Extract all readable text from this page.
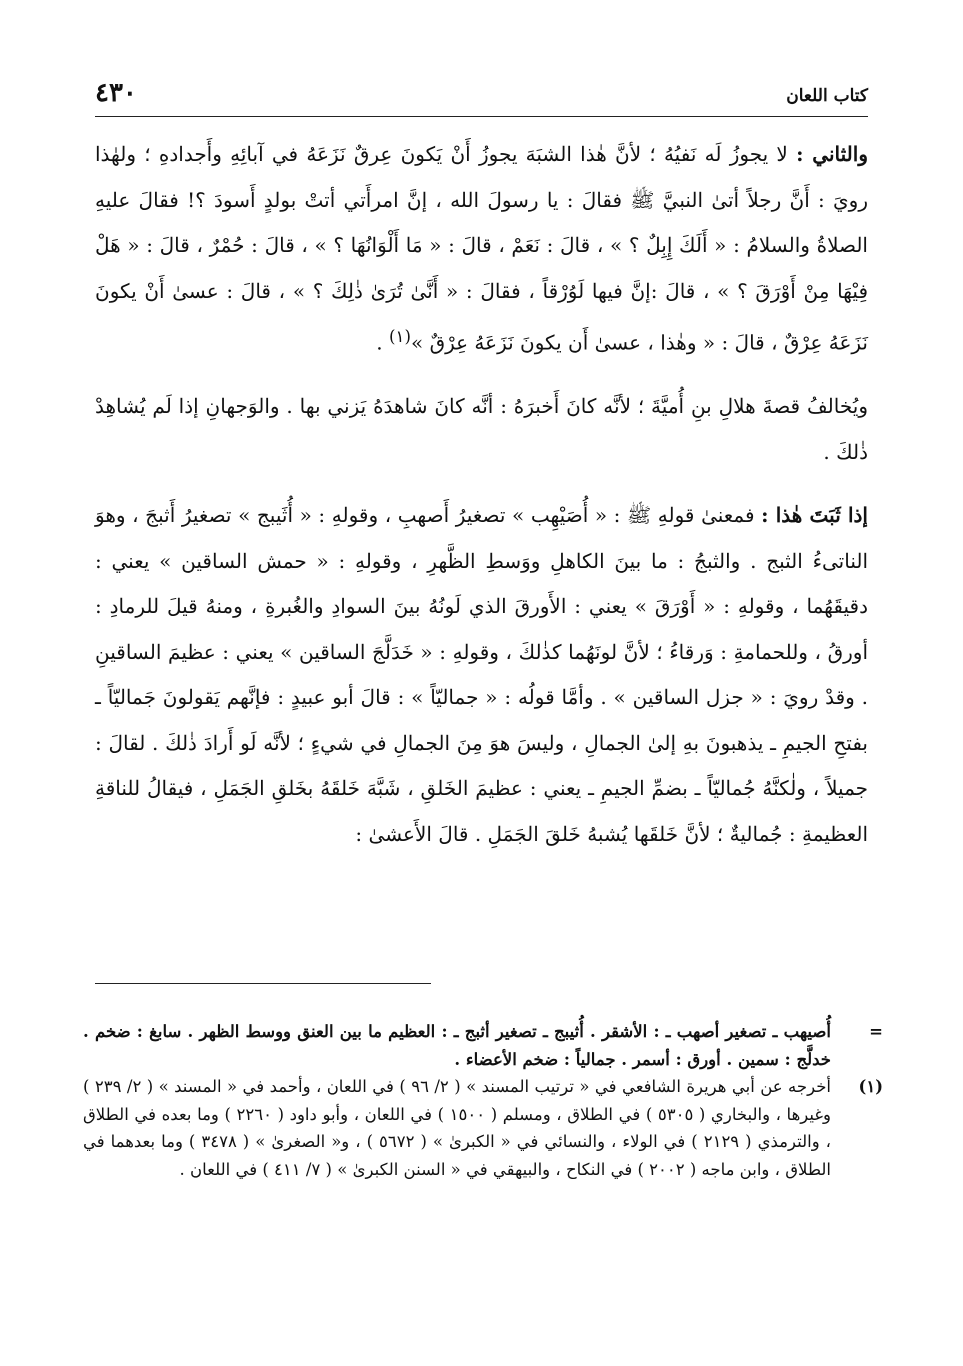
كتاب اللعان
٤٣٠

والثاني : لا يجوزُ لَه نَفيُهُ ؛ لأنَّ هٰذا الشبَهَ يجوزُ أَنْ يَكونَ عِرقٌ نَزَعَهُ في آبائِهِ وأَجدادهِ ؛ ولهٰذا رويَ : أَنَّ رجلاً أتىٰ النبيَّ ﷺ فقالَ : يا رسولَ الله ، إنَّ امرأَتي أتتْ بولدٍ أَسودَ ؟! فقالَ عليهِ الصلاةُ والسلامُ : « أَلَكَ إِبِلٌ ؟ » ، قالَ : نَعَمْ ، قالَ : « مَا أَلْوَانُهَا ؟ » ، قالَ : حُمْرٌ ، قالَ : « هَلْ فِيْهَا مِنْ أَوْرَقَ ؟ » ، قالَ :إنَّ فيها لَوُرْقاً ، فقالَ : « أَنَّىٰ تُرَىٰ ذٰلِكَ ؟ » ، قالَ : عسىٰ أَنْ يكونَ نَزَعَهُ عِرْقٌ ، قالَ : « وهٰذا ، عسىٰ أَن يكونَ نَزَعَهُ عِرْقٌ »$^{(١)}$ .

ويُخالفُ قصةَ هلالِ بنِ أُميَّةَ ؛ لأنَّه كانَ أَخبرَهُ : أنَّه كانَ شاهدَهُ يَزني بها . والوَجهانِ إذا لَم يُشاهِدْ ذٰلكَ .

إذا ثَبَتَ هٰذا : فمعنىٰ قولهِ ﷺ : « أُصَيْهِب » تصغيرُ أَصهبِ ، وقولهِ : « أُثَيبج » تصغيرُ أَثبجَ ، وهوَ الناتىءُ الثبج . والثبجُ : ما بينَ الكاهلِ ووَسطِ الظَّهرِ ، وقولهِ : « حمش الساقين » يعني : دقيقَهُما ، وقولهِ : « أَوْرَقَ » يعني : الأَورقَ الذي لَونُهُ بينَ السوادِ والغُبرةِ ، ومنهُ قيلَ للرمادِ : أورقُ ، وللحمامةِ : وَرقاءُ ؛ لأنَّ لونَهُما كذٰلكَ ، وقولهِ : « خَدَلَّجَ الساقين » يعني : عظيمَ الساقينِ . وقدْ رويَ : « جزل الساقين » . وأمَّا قولُه : « جماليّاً » : قالَ أبو عبيدٍ : فإنَّهم يَقولونَ جَماليّاً ـ بفتحِ الجيمِ ـ يذهبونَ بهِ إلىٰ الجمالِ ، وليسَ هوَ مِنَ الجمالِ في شيءٍ ؛ لأنَّه لَو أَرادَ ذٰلكَ . لقالَ : جميلاً ، ولٰكنَّهُ جُماليّاً ـ بضمِّ الجيمِ ـ يعني : عظيمَ الخَلقِ ، شَبَّهَ خَلقَهُ بخَلقِ الجَمَلِ ، فيقالُ للناقةِ العظيمةِ : جُماليةٌ ؛ لأنَّ خَلقَها يُشبهُ خَلقَ الجَمَلِ . قالَ الأَعشىٰ :

=
أُصيهب ـ تصغير أصهب ـ : الأشقر . أُثيبج ـ تصغير أثبج ـ : العظيم ما بين العنق ووسط الظهر . سابغ : ضخم . خدلَّج : سمين . أورق : أسمر . جمالياً : ضخم الأعضاء .
(١)
أخرجه عن أبي هريرة الشافعي في « ترتيب المسند » ( ٢/ ٩٦ ) في اللعان ، وأحمد في « المسند » ( ٢/ ٢٣٩ ) وغيرها ، والبخاري ( ٥٣٠٥ ) في الطلاق ، ومسلم ( ١٥٠٠ ) في اللعان ، وأبو داود ( ٢٢٦٠ ) وما بعده في الطلاق ، والترمذي ( ٢١٢٩ ) في الولاء ، والنسائي في « الكبرىٰ » ( ٥٦٧٢ ) ، و« الصغرىٰ » ( ٣٤٧٨ ) وما بعدهما في الطلاق ، وابن ماجه ( ٢٠٠٢ ) في النكاح ، والبيهقي في « السنن الكبرىٰ » ( ٧/ ٤١١ ) في اللعان .
